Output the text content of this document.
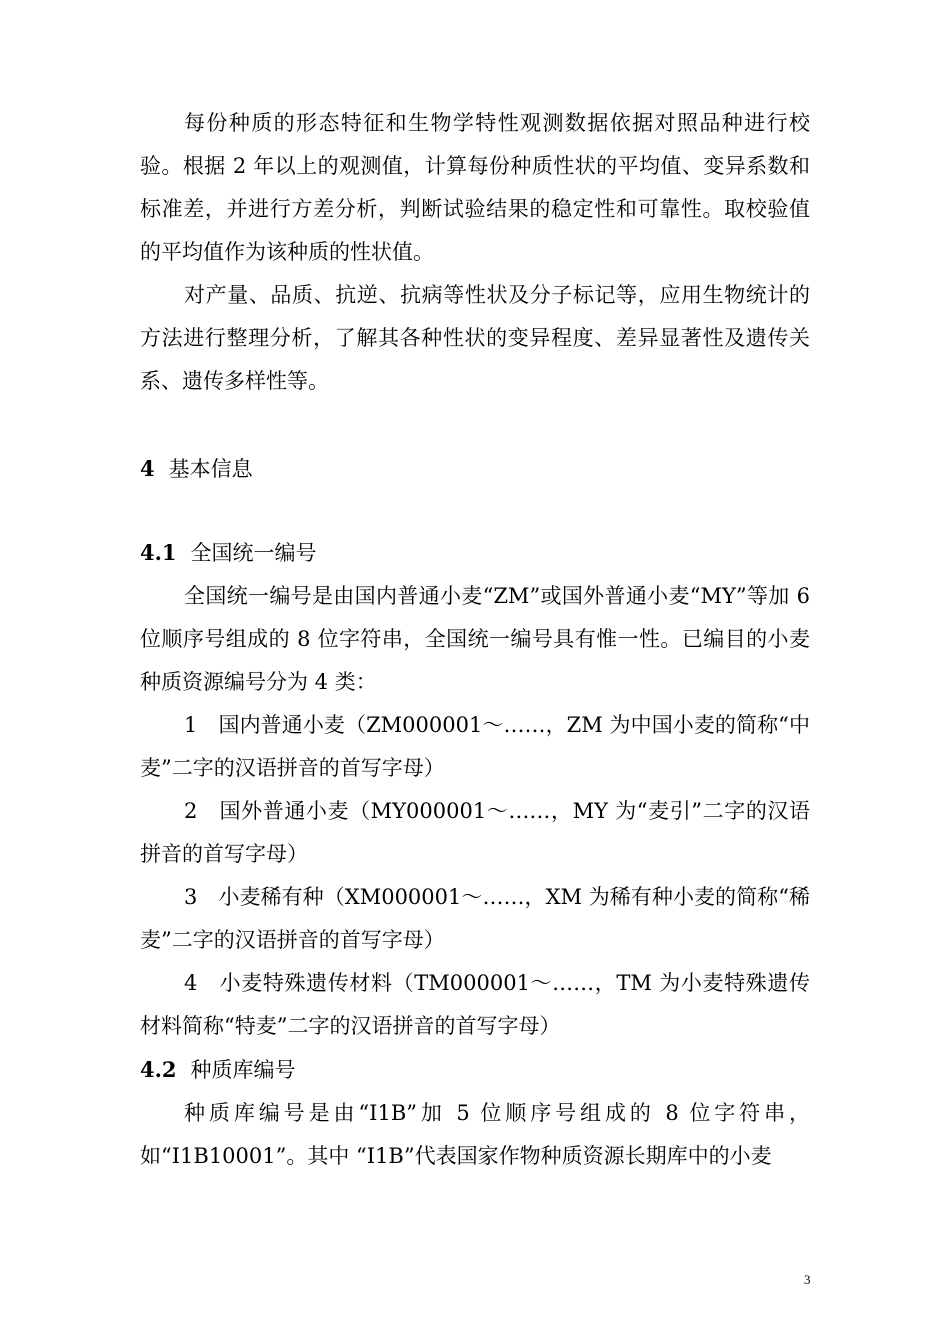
每份种质的形态特征和生物学特性观测数据依据对照品种进行校验。根据 2 年以上的观测值，计算每份种质性状的平均值、变异系数和标准差，并进行方差分析，判断试验结果的稳定性和可靠性。取校验值的平均值作为该种质的性状值。

对产量、品质、抗逆、抗病等性状及分子标记等，应用生物统计的方法进行整理分析，了解其各种性状的变异程度、差异显著性及遗传关系、遗传多样性等。

4 基本信息
4.1 全国统一编号

全国统一编号是由国内普通小麦“ZM”或国外普通小麦“MY”等加 6 位顺序号组成的 8 位字符串，全国统一编号具有惟一性。已编目的小麦种质资源编号分为 4 类：

1　国内普通小麦（ZM000001～……，ZM 为中国小麦的简称“中麦”二字的汉语拼音的首写字母）

2　国外普通小麦（MY000001～……，MY 为“麦引”二字的汉语拼音的首写字母）

3　小麦稀有种（XM000001～……，XM 为稀有种小麦的简称“稀麦”二字的汉语拼音的首写字母）

4　小麦特殊遗传材料（TM000001～……，TM 为小麦特殊遗传材料简称“特麦”二字的汉语拼音的首写字母）

4.2 种质库编号

种质库编号是由“I1B”加 5 位顺序号组成的 8 位字符串，如“I1B10001”。其中 “I1B”代表国家作物种质资源长期库中的小麦

3
